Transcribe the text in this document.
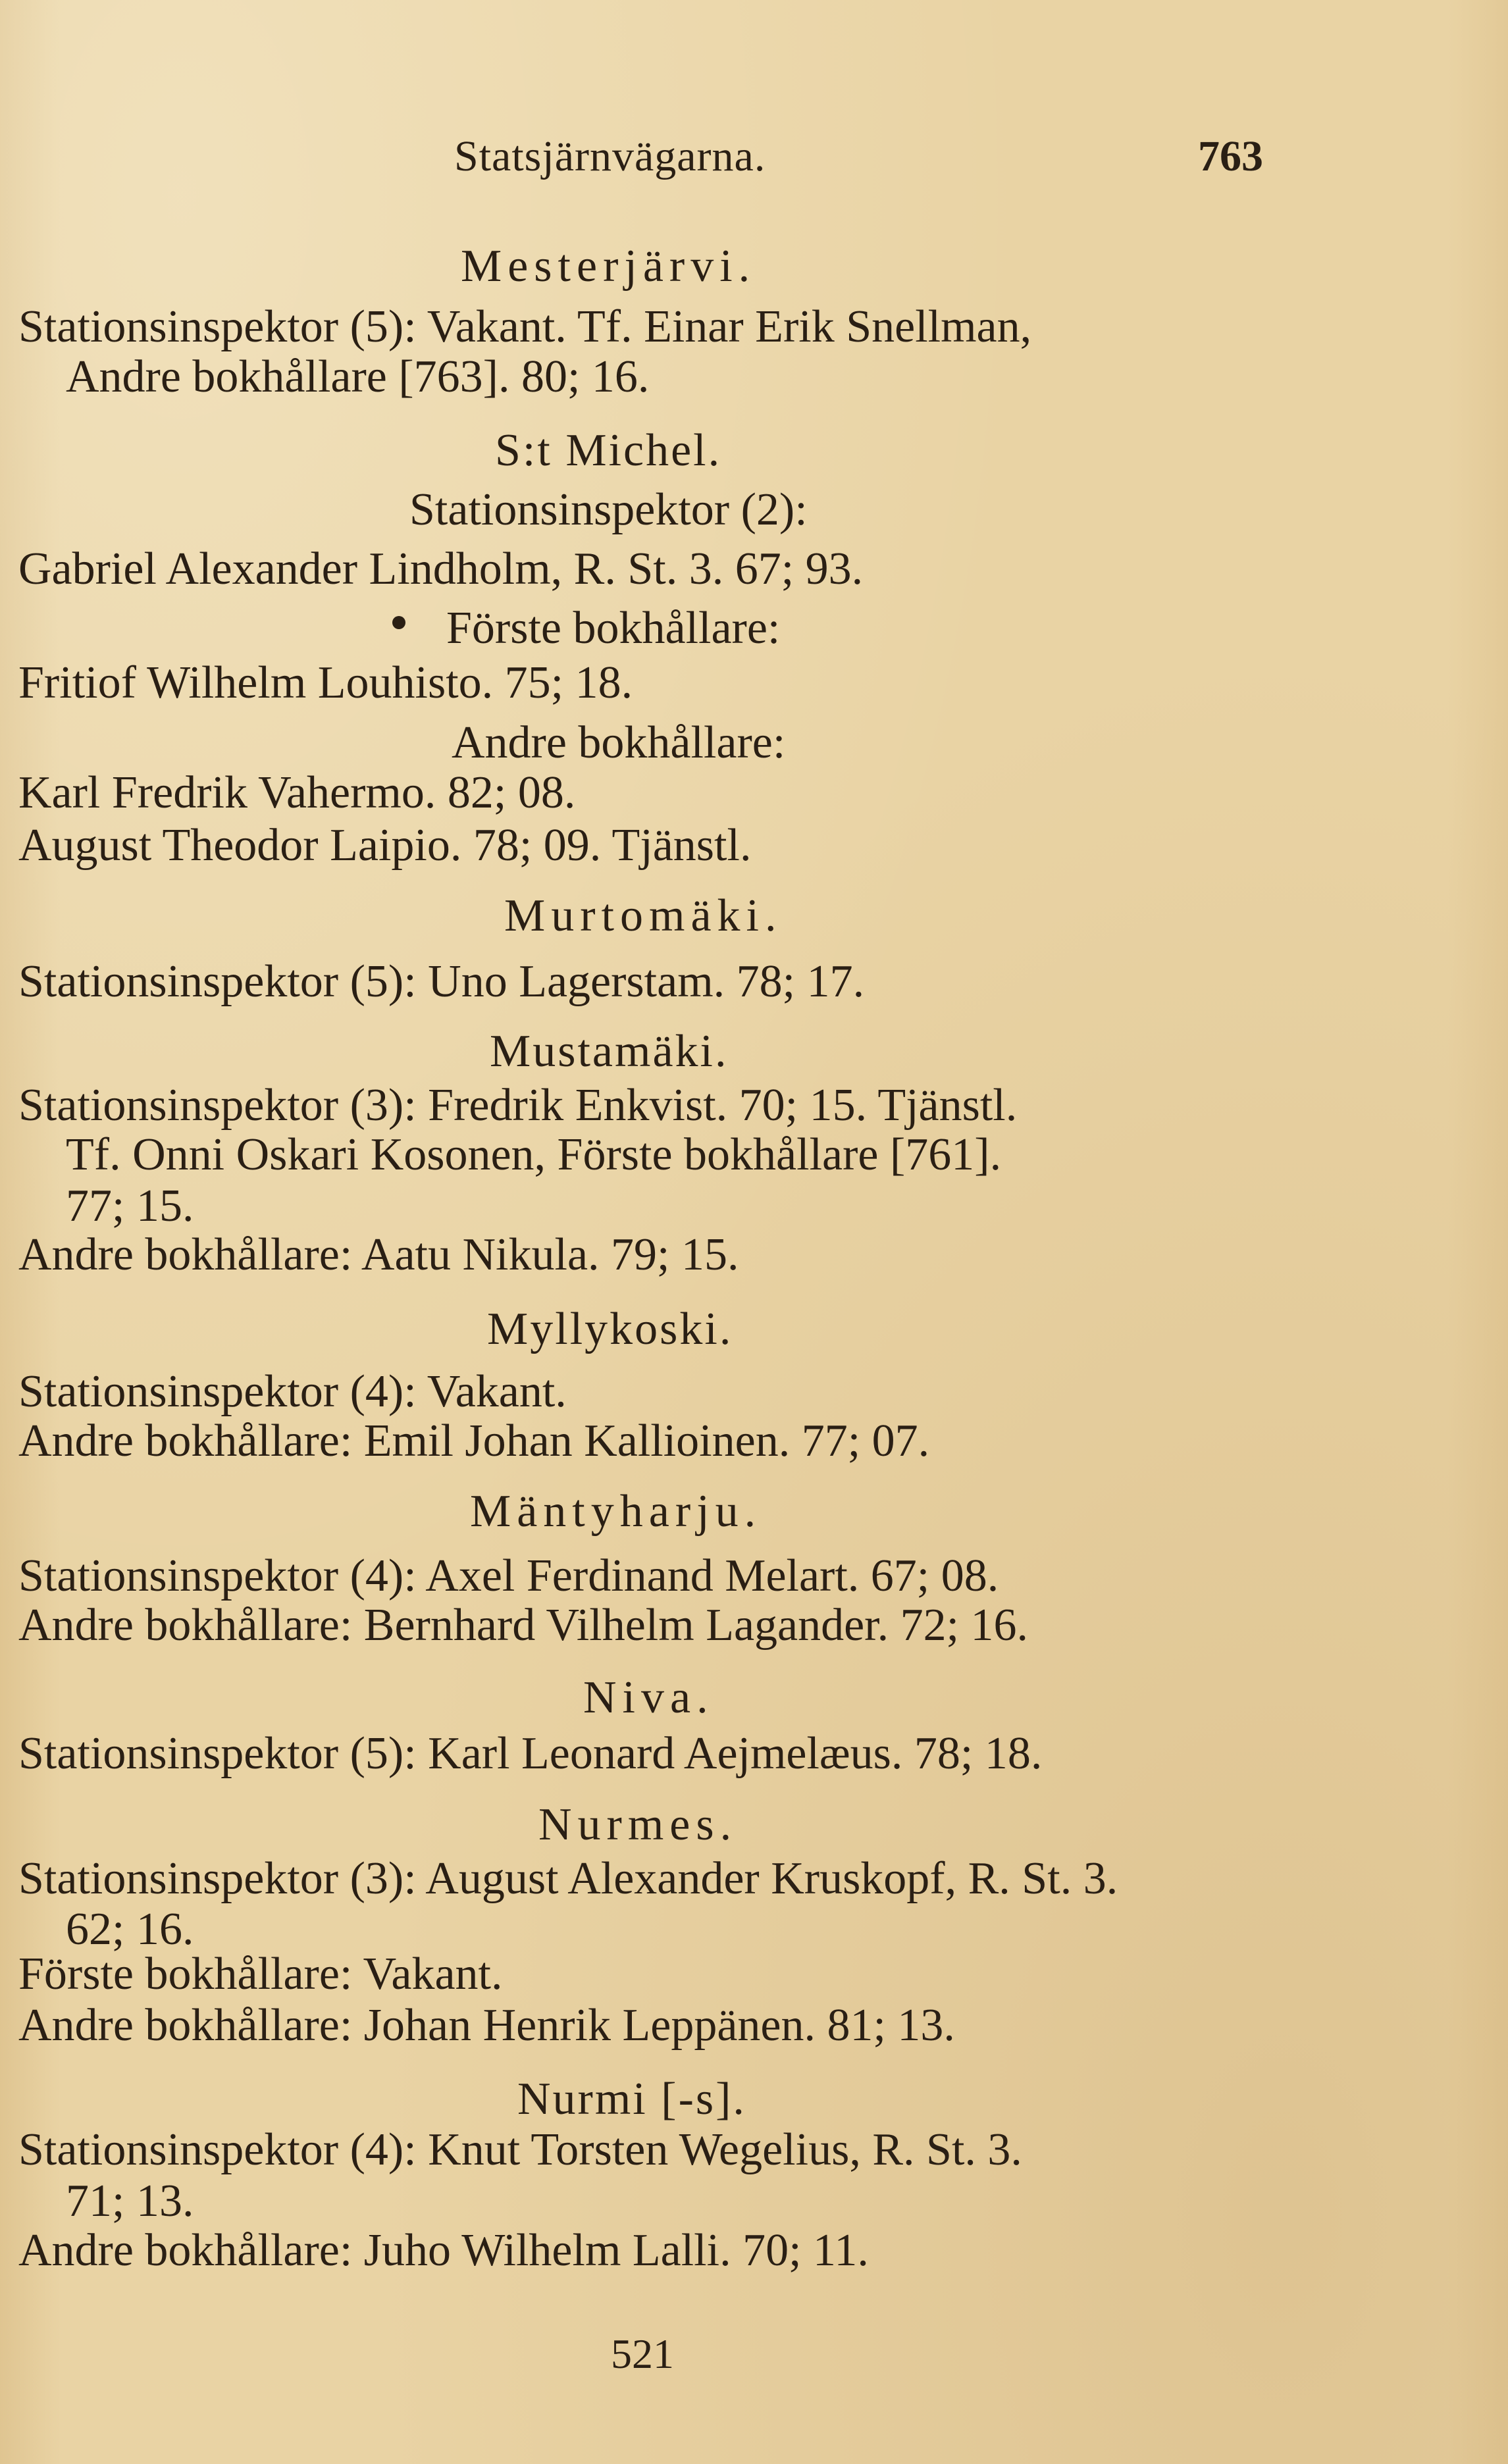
Statsjärnvägarna.	763
Mesterjärvi.
Stationsinspektor (5): Vakant. Tf. Einar Erik Snellman,
Andre bokhållare [763]. 80; 16.
S:t Michel.
Stationsinspektor (2):
Gabriel Alexander Lindholm, R. St. 3. 67; 93.
Förste bokhållare:
Fritiof Wilhelm Louhisto. 75; 18.
Andre bokhållare:
Karl Fredrik Vahermo. 82; 08.
August Theodor Laipio. 78; 09. Tjänstl.
Murtomäki.
Stationsinspektor (5): Uno Lagerstam. 78; 17.
Mustamäki.
Stationsinspektor (3): Fredrik Enkvist. 70; 15. Tjänstl.
Tf. Onni Oskari Kosonen, Förste bokhållare [761].
77; 15.
Andre bokhållare: Aatu Nikula. 79; 15.
Myllykoski.
Stationsinspektor (4): Vakant.
Andre bokhållare: Emil Johan Kallioinen. 77; 07.
Mäntyharju.
Stationsinspektor (4): Axel Ferdinand Melart. 67; 08.
Andre bokhållare: Bernhard Vilhelm Lagander. 72; 16.
Niva.
Stationsinspektor (5): Karl Leonard Aejmelæus. 78; 18.
Nurmes.
Stationsinspektor (3): August Alexander Kruskopf, R. St. 3.
62; 16.
Förste bokhållare: Vakant.
Andre bokhållare: Johan Henrik Leppänen. 81; 13.
Nurmi [-s].
Stationsinspektor (4): Knut Torsten Wegelius, R. St. 3.
71; 13.
Andre bokhållare: Juho Wilhelm Lalli. 70; 11.
521
